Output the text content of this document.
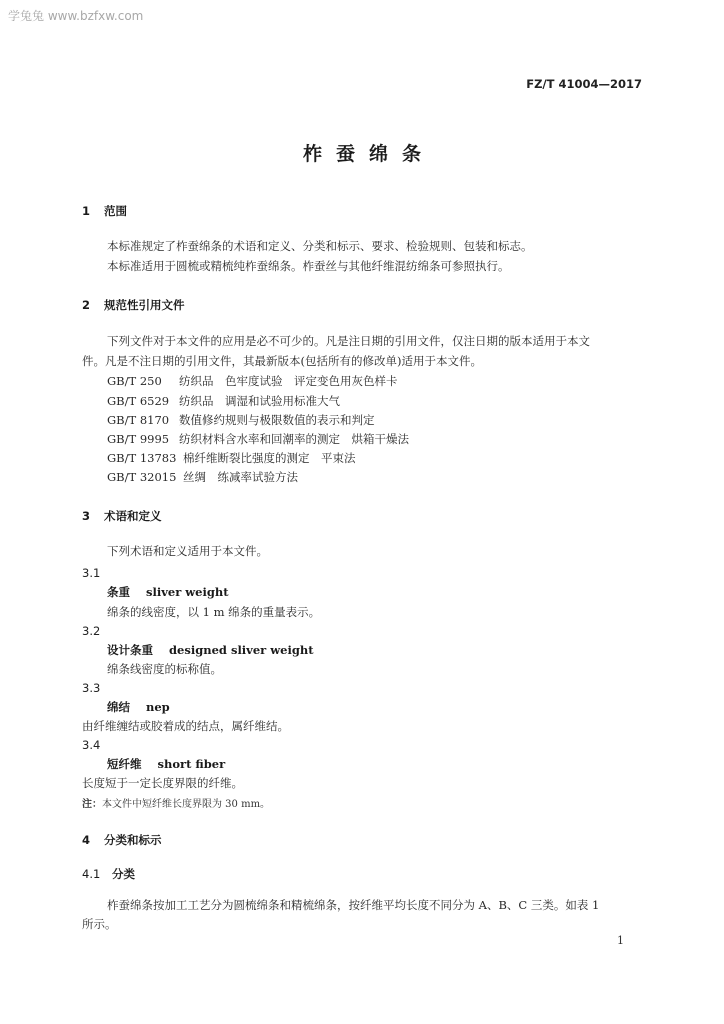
学兔兔 www.bzfxw.com
FZ/T 41004—2017
柞蚕绵条
1 范围
本标准规定了柞蚕绵条的术语和定义、分类和标示、要求、检验规则、包装和标志。
本标准适用于圆梳或精梳纯柞蚕绵条。柞蚕丝与其他纤维混纺绵条可参照执行。
2 规范性引用文件
下列文件对于本文件的应用是必不可少的。凡是注日期的引用文件，仅注日期的版本适用于本文
件。凡是不注日期的引用文件，其最新版本(包括所有的修改单)适用于本文件。
GB/T 250 纺织品　色牢度试验　评定变色用灰色样卡
GB/T 6529 纺织品　调湿和试验用标准大气
GB/T 8170 数值修约规则与极限数值的表示和判定
GB/T 9995 纺织材料含水率和回潮率的测定　烘箱干燥法
GB/T 13783 棉纤维断裂比强度的测定　平束法
GB/T 32015 丝绸　练减率试验方法
3 术语和定义
下列术语和定义适用于本文件。
3.1
条重 sliver weight
绵条的线密度，以 1 m 绵条的重量表示。
3.2
设计条重 designed sliver weight
绵条线密度的标称值。
3.3
绵结 nep
由纤维缠结或胶着成的结点，属纤维结。
3.4
短纤维 short fiber
长度短于一定长度界限的纤维。
注：本文件中短纤维长度界限为 30 mm。
4 分类和标示
4.1 分类
柞蚕绵条按加工工艺分为圆梳绵条和精梳绵条，按纤维平均长度不同分为 A、B、C 三类。如表 1
所示。
1
